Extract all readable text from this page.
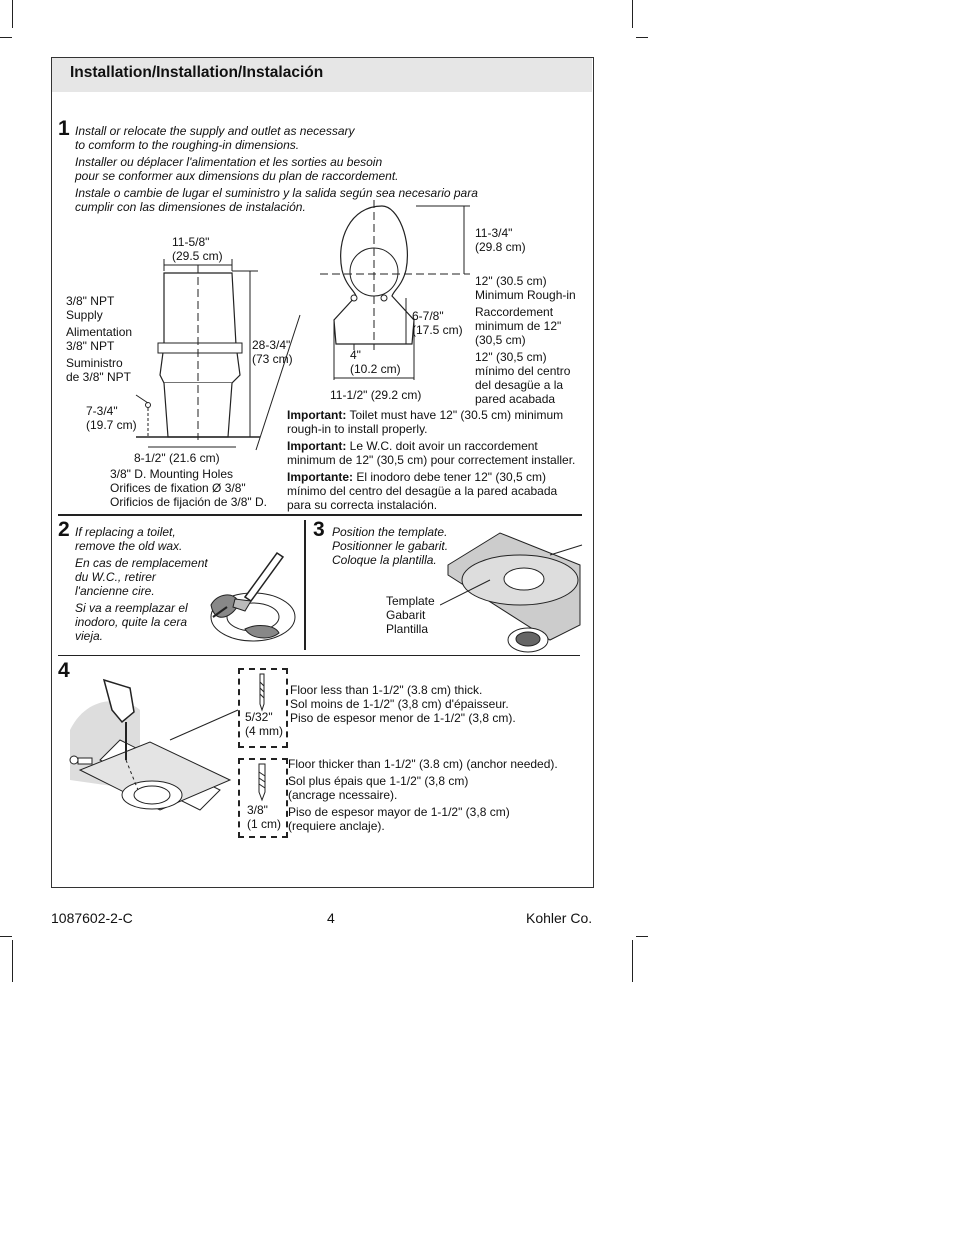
Installation/Installation/Instalación
1 Install or relocate the supply and outlet as necessary
to comform to the roughing-in dimensions.
Installer ou déplacer l'alimentation et les sorties au besoin
pour se conformer aux dimensions du plan de raccordement.
Instale o cambie de lugar el suministro y la salida según sea necesario para
cumplir con las dimensiones de instalación.
11-5/8"
(29.5 cm)
3/8" NPT
Supply
Alimentation
3/8" NPT
Suministro
de 3/8" NPT
28-3/4"
(73 cm)
7-3/4"
(19.7 cm)
8-1/2" (21.6 cm)
3/8" D. Mounting Holes
Orifices de fixation Ø 3/8"
Orificios de fijación de 3/8" D.
11-3/4"
(29.8 cm)
12" (30.5 cm)
Minimum Rough-in
Raccordement
minimum de 12"
(30,5 cm)
12" (30,5 cm)
mínimo del centro
del desagüe a la
pared acabada
6-7/8"
(17.5 cm)
4"
(10.2 cm)
11-1/2" (29.2 cm)
Important: Toilet must have 12" (30.5 cm) minimum
rough-in to install properly.
Important: Le W.C. doit avoir un raccordement
minimum de 12" (30,5 cm) pour correctement installer.
Importante: El inodoro debe tener 12" (30,5 cm)
mínimo del centro del desagüe a la pared acabada
para su correcta instalación.
2 If replacing a toilet,
remove the old wax.
En cas de remplacement
du W.C., retirer
l'ancienne cire.
Si va a reemplazar el
inodoro, quite la cera
vieja.
3 Position the template.
Positionner le gabarit.
Coloque la plantilla.
Template
Gabarit
Plantilla
4
5/32"
(4 mm)
Floor less than 1-1/2" (3.8 cm) thick.
Sol moins de 1-1/2" (3,8 cm) d'épaisseur.
Piso de espesor menor de 1-1/2" (3,8 cm).
3/8"
(1 cm)
Floor thicker than 1-1/2" (3.8 cm) (anchor needed).
Sol plus épais que 1-1/2" (3,8 cm)
(ancrage ncessaire).
Piso de espesor mayor de 1-1/2" (3,8 cm)
(requiere anclaje).
1087602-2-C	4	Kohler Co.
